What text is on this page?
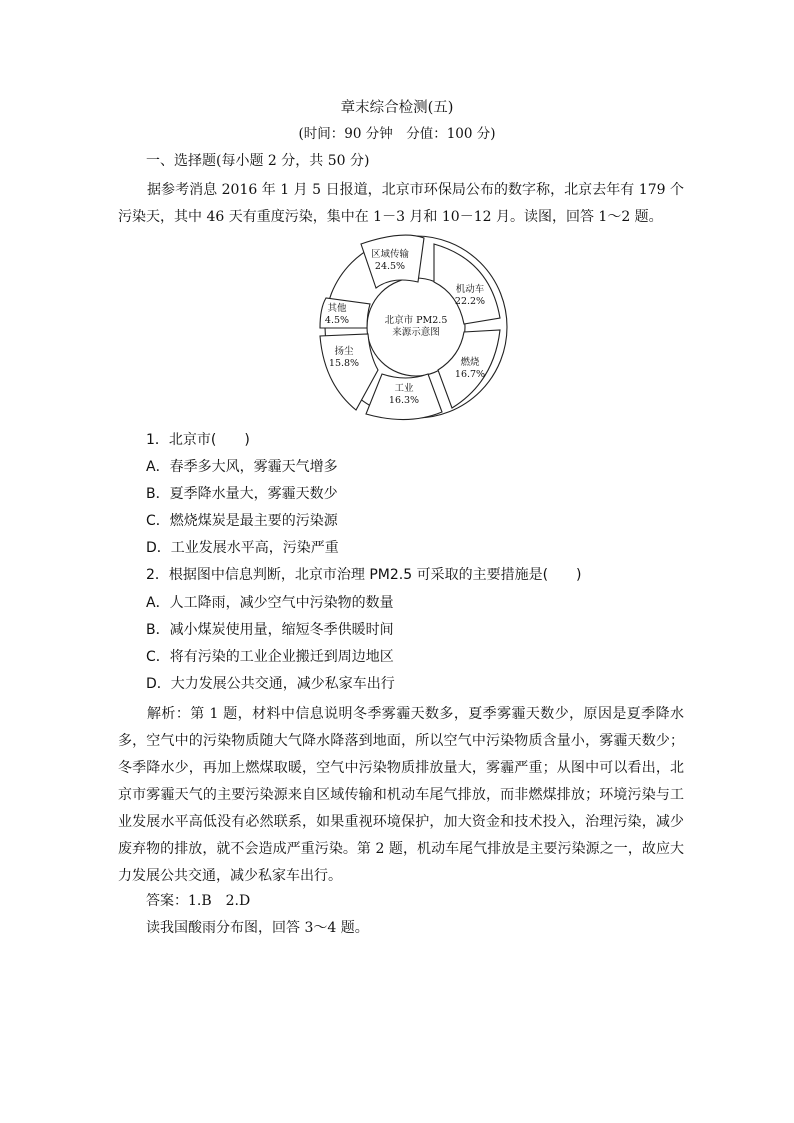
章末综合检测(五)
(时间：90 分钟　分值：100 分)
一、选择题(每小题 2 分，共 50 分)
据参考消息 2016 年 1 月 5 日报道，北京市环保局公布的数字称，北京去年有 179 个污染天，其中 46 天有重度污染，集中在 1－3 月和 10－12 月。读图，回答 1～2 题。
区域传输
24.5%
机动车
22.2%
燃烧
16.7%
工业
16.3%
扬尘
15.8%
其他
4.5%	北京市 PM2.5
来源示意图
1．北京市(　　)
A．春季多大风，雾霾天气增多
B．夏季降水量大，雾霾天数少
C．燃烧煤炭是最主要的污染源
D．工业发展水平高，污染严重
2．根据图中信息判断，北京市治理 PM2.5 可采取的主要措施是(　　)
A．人工降雨，减少空气中污染物的数量
B．减小煤炭使用量，缩短冬季供暖时间
C．将有污染的工业企业搬迁到周边地区
D．大力发展公共交通，减少私家车出行
解析：第 1 题，材料中信息说明冬季雾霾天数多，夏季雾霾天数少，原因是夏季降水多，空气中的污染物质随大气降水降落到地面，所以空气中污染物质含量小，雾霾天数少；冬季降水少，再加上燃煤取暖，空气中污染物质排放量大，雾霾严重；从图中可以看出，北京市雾霾天气的主要污染源来自区域传输和机动车尾气排放，而非燃煤排放；环境污染与工业发展水平高低没有必然联系，如果重视环境保护，加大资金和技术投入，治理污染，减少废弃物的排放，就不会造成严重污染。第 2 题，机动车尾气排放是主要污染源之一，故应大力发展公共交通，减少私家车出行。
答案：1.B　2.D
读我国酸雨分布图，回答 3～4 题。
